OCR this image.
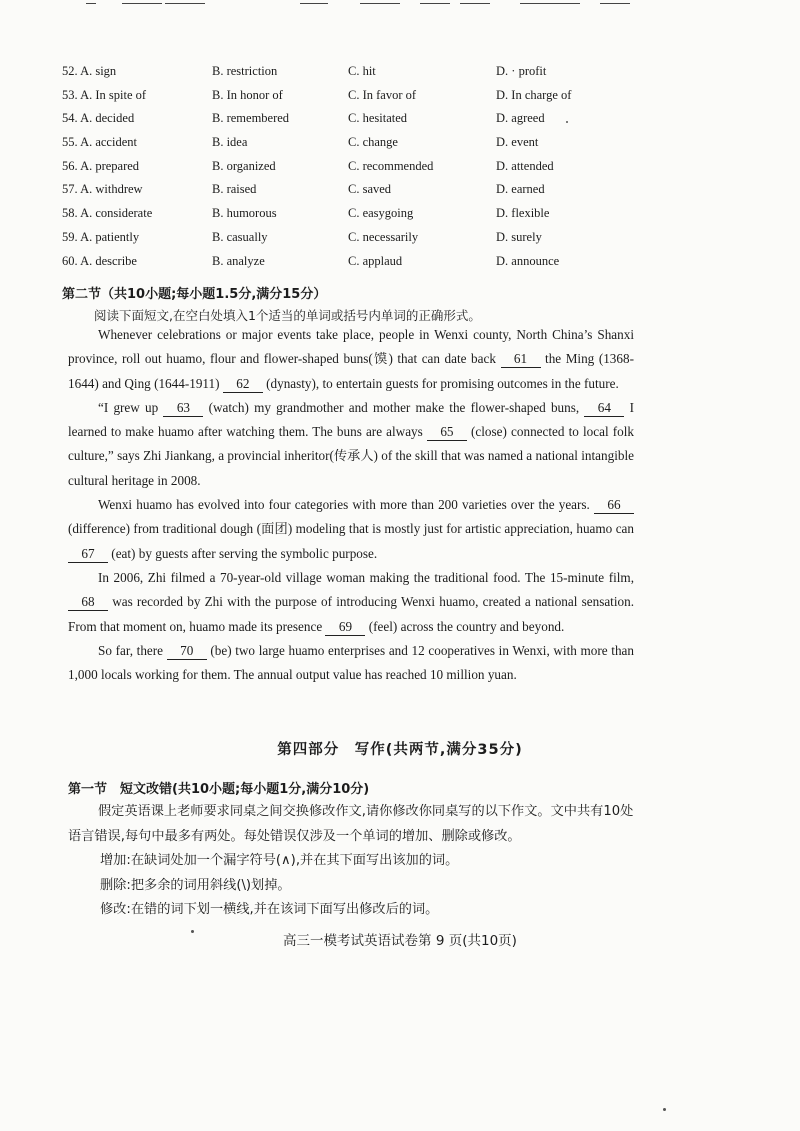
52. A. sign	B. restriction	C. hit	D. · profit
53. A. In spite of	B. In honor of	C. In favor of	D. In charge of
54. A. decided	B. remembered	C. hesitated	D. agreed
55. A. accident	B. idea	C. change	D. event
56. A. prepared	B. organized	C. recommended	D. attended
57. A. withdrew	B. raised	C. saved	D. earned
58. A. considerate	B. humorous	C. easygoing	D. flexible
59. A. patiently	B. casually	C. necessarily	D. surely
60. A. describe	B. analyze	C. applaud	D. announce
第二节（共10小题;每小题1.5分,满分15分）
阅读下面短文,在空白处填入1个适当的单词或括号内单词的正确形式。

Whenever celebrations or major events take place, people in Wenxi county, North China’s Shanxi province, roll out huamo, flour and flower-shaped buns(馍) that can date back 61 the Ming (1368-1644) and Qing (1644-1911) 62 (dynasty), to entertain guests for promising outcomes in the future.

“I grew up 63 (watch) my grandmother and mother make the flower-shaped buns, 64 I learned to make huamo after watching them. The buns are always 65 (close) connected to local folk culture,” says Zhi Jiankang, a provincial inheritor(传承人) of the skill that was named a national intangible cultural heritage in 2008.

Wenxi huamo has evolved into four categories with more than 200 varieties over the years. 66 (difference) from traditional dough (面团) modeling that is mostly just for artistic appreciation, huamo can 67 (eat) by guests after serving the symbolic purpose.

In 2006, Zhi filmed a 70-year-old village woman making the traditional food. The 15-minute film, 68 was recorded by Zhi with the purpose of introducing Wenxi huamo, created a national sensation. From that moment on, huamo made its presence 69 (feel) across the country and beyond.

So far, there 70 (be) two large huamo enterprises and 12 cooperatives in Wenxi, with more than 1,000 locals working for them. The annual output value has reached 10 million yuan.

第四部分　写作(共两节,满分35分)
第一节　短文改错(共10小题;每小题1分,满分10分)

假定英语课上老师要求同桌之间交换修改作文,请你修改你同桌写的以下作文。文中共有10处语言错误,每句中最多有两处。每处错误仅涉及一个单词的增加、删除或修改。

增加:在缺词处加一个漏字符号(∧),并在其下面写出该加的词。

删除:把多余的词用斜线(\)划掉。

修改:在错的词下划一横线,并在该词下面写出修改后的词。

高三一模考试英语试卷第 9 页(共10页)
